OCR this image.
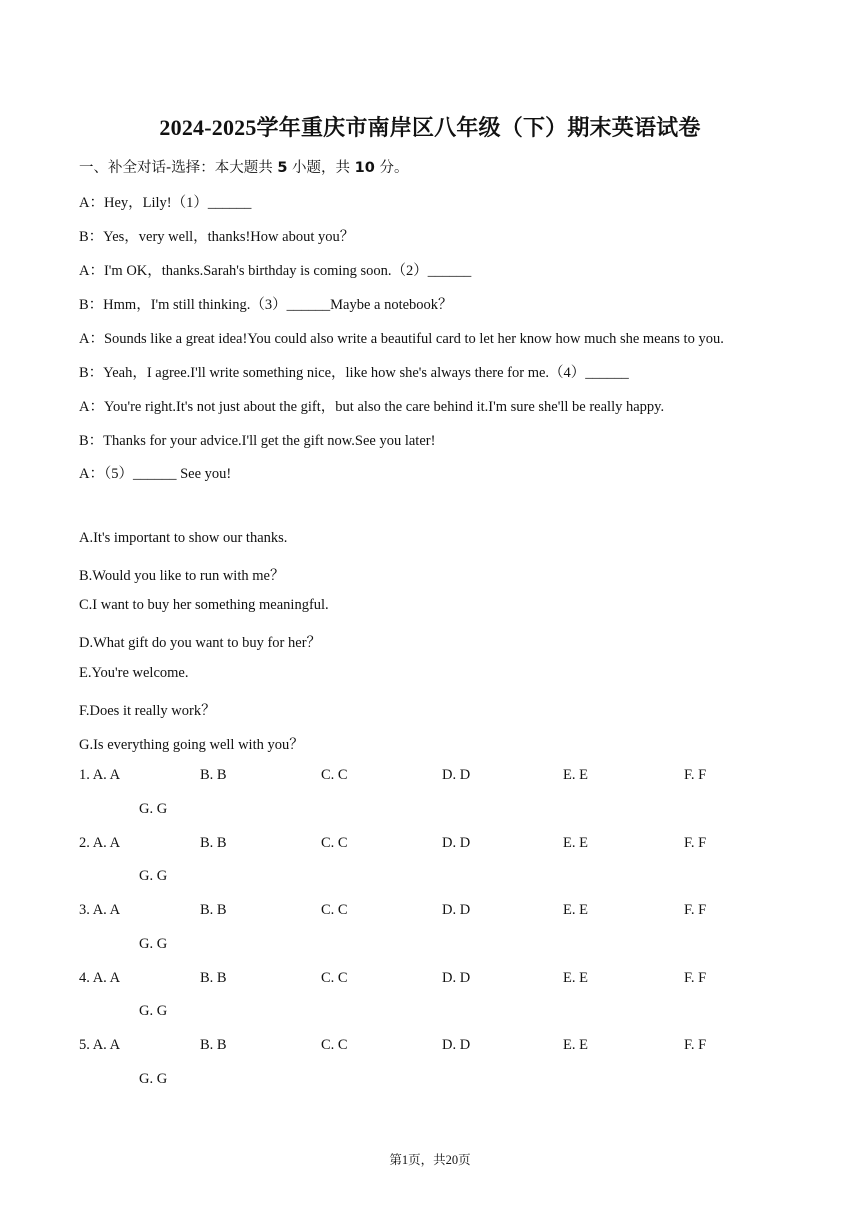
2024-2025学年重庆市南岸区八年级（下）期末英语试卷
一、补全对话-选择：本大题共 5 小题，共 10 分。
A：Hey，Lily!（1）______
B：Yes，very well，thanks!How about you？
A：I'm OK，thanks.Sarah's birthday is coming soon.（2）______
B：Hmm，I'm still thinking.（3）______Maybe a notebook？
A：Sounds like a great idea!You could also write a beautiful card to let her know how much she means to you.
B：Yeah，I agree.I'll write something nice，like how she's always there for me.（4）______
A：You're right.It's not just about the gift，but also the care behind it.I'm sure she'll be really happy.
B：Thanks for your advice.I'll get the gift now.See you later!
A：（5）______ See you!
A.It's important to show our thanks.
B.Would you like to run with me？
C.I want to buy her something meaningful.
D.What gift do you want to buy for her？
E.You're welcome.
F.Does it really work？
G.Is everything going well with you？
1. A. A	B. B	C. C	D. D	E. E	F. F
G. G
2. A. A	B. B	C. C	D. D	E. E	F. F
G. G
3. A. A	B. B	C. C	D. D	E. E	F. F
G. G
4. A. A	B. B	C. C	D. D	E. E	F. F
G. G
5. A. A	B. B	C. C	D. D	E. E	F. F
G. G
第1页，共20页
